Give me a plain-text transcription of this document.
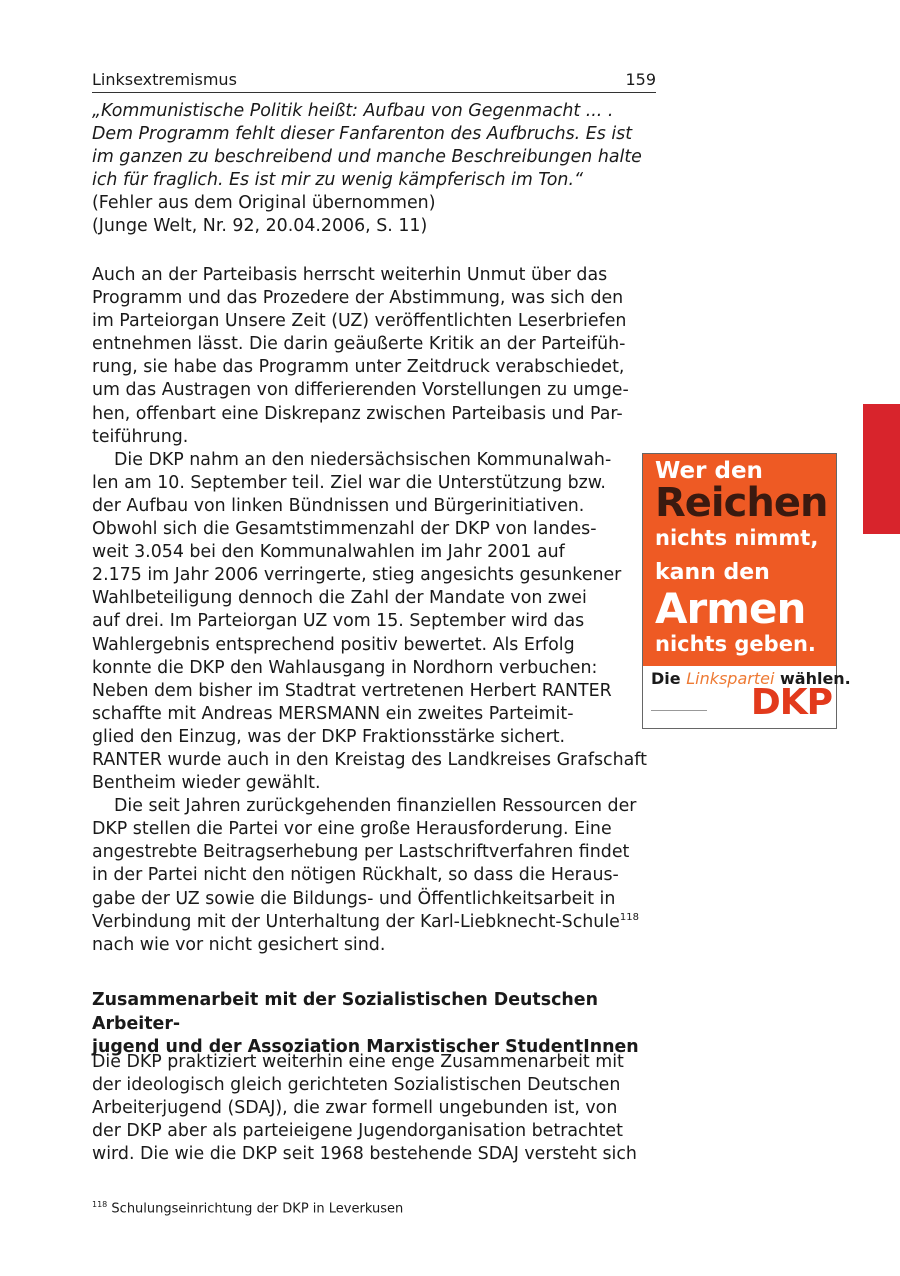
Linksextremismus	159

„Kommunistische Politik heißt: Aufbau von Gegenmacht ... .

Dem Programm fehlt dieser Fanfarenton des Aufbruchs. Es ist

im ganzen zu beschreibend und manche Beschreibungen halte

ich für fraglich. Es ist mir zu wenig kämpferisch im Ton.“

(Fehler aus dem Original übernommen)

(Junge Welt, Nr. 92, 20.04.2006, S. 11)

Auch an der Parteibasis herrscht weiterhin Unmut über das

Programm und das Prozedere der Abstimmung, was sich den

im Parteiorgan Unsere Zeit (UZ) veröffentlichten Leserbriefen

entnehmen lässt. Die darin geäußerte Kritik an der Parteifüh-

rung, sie habe das Programm unter Zeitdruck verabschiedet,

um das Austragen von differierenden Vorstellungen zu umge-

hen, offenbart eine Diskrepanz zwischen Parteibasis und Par-

teiführung.

Die DKP nahm an den niedersächsischen Kommunalwah-

len am 10. September teil. Ziel war die Unterstützung bzw.

der Aufbau von linken Bündnissen und Bürgerinitiativen.

Obwohl sich die Gesamtstimmenzahl der DKP von landes-

weit 3.054 bei den Kommunalwahlen im Jahr 2001 auf

2.175 im Jahr 2006 verringerte, stieg angesichts gesunkener

Wahlbeteiligung dennoch die Zahl der Mandate von zwei

auf drei. Im Parteiorgan UZ vom 15. September wird das

Wahlergebnis entsprechend positiv bewertet. Als Erfolg

konnte die DKP den Wahlausgang in Nordhorn verbuchen:

Neben dem bisher im Stadtrat vertretenen Herbert RANTER

schaffte mit Andreas MERSMANN ein zweites Parteimit-

glied den Einzug, was der DKP Fraktionsstärke sichert.

RANTER wurde auch in den Kreistag des Landkreises Grafschaft

Bentheim wieder gewählt.

Die seit Jahren zurückgehenden finanziellen Ressourcen der

DKP stellen die Partei vor eine große Herausforderung. Eine

angestrebte Beitragserhebung per Lastschriftverfahren findet

in der Partei nicht den nötigen Rückhalt, so dass die Heraus-

gabe der UZ sowie die Bildungs- und Öffentlichkeitsarbeit in

Verbindung mit der Unterhaltung der Karl-Liebknecht-Schule$^{118}$

nach wie vor nicht gesichert sind.

Zusammenarbeit mit der Sozialistischen Deutschen Arbeiter-

jugend und der Assoziation Marxistischer StudentInnen

Die DKP praktiziert weiterhin eine enge Zusammenarbeit mit

der ideologisch gleich gerichteten Sozialistischen Deutschen

Arbeiterjugend (SDAJ), die zwar formell ungebunden ist, von

der DKP aber als parteieigene Jugendorganisation betrachtet

wird. Die wie die DKP seit 1968 bestehende SDAJ versteht sich

$^{118}$ Schulungseinrichtung der DKP in Leverkusen
Wer den
Reichen
nichts nimmt,
kann den
Armen
nichts geben.
Die Linkspartei wählen.
DKP
